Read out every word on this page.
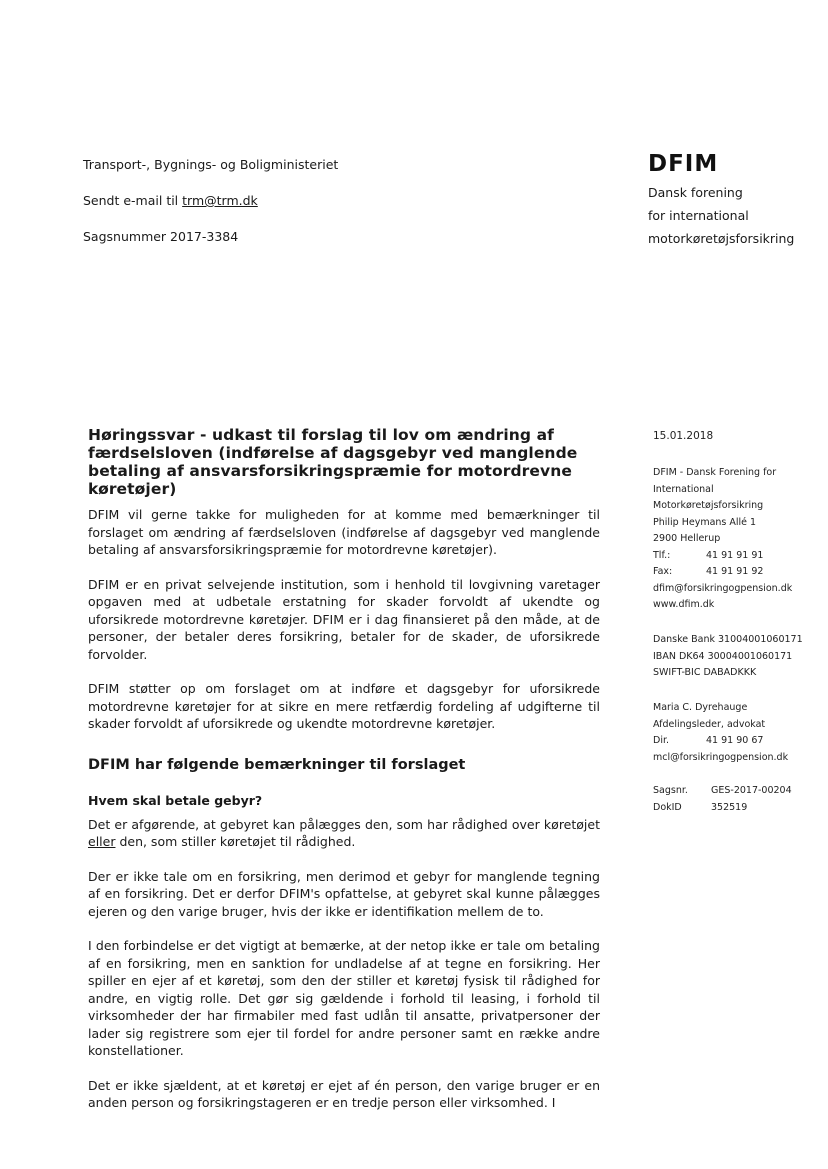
Transport-, Bygnings- og Boligministeriet
Sendt e-mail til trm@trm.dk
Sagsnummer 2017-3384
DFIM
Dansk forening
for international
motorkøretøjsforsikring
15.01.2018
DFIM - Dansk Forening for
International
Motorkøretøjsforsikring
Philip Heymans Allé 1
2900 Hellerup
Tlf.:	41 91 91 91
Fax:	41 91 91 92
dfim@forsikringogpension.dk
www.dfim.dk
Danske Bank 31004001060171
IBAN DK64 30004001060171
SWIFT-BIC DABADKKK
Maria C. Dyrehauge
Afdelingsleder, advokat
Dir.	41 91 90 67
mcl@forsikringogpension.dk
Sagsnr.	GES-2017-00204
DokID	352519
Høringssvar - udkast til forslag til lov om ændring af færdselsloven (indførelse af dagsgebyr ved manglende betaling af ansvarsforsikringspræmie for motordrevne køretøjer)

DFIM vil gerne takke for muligheden for at komme med bemærkninger til forslaget om ændring af færdselsloven (indførelse af dagsgebyr ved manglende betaling af ansvarsforsikringspræmie for motordrevne køretøjer).

DFIM er en privat selvejende institution, som i henhold til lovgivning varetager opgaven med at udbetale erstatning for skader forvoldt af ukendte og uforsikrede motordrevne køretøjer. DFIM er i dag finansieret på den måde, at de personer, der betaler deres forsikring, betaler for de skader, de uforsikrede forvolder.

DFIM støtter op om forslaget om at indføre et dagsgebyr for uforsikrede motordrevne køretøjer for at sikre en mere retfærdig fordeling af udgifterne til skader forvoldt af uforsikrede og ukendte motordrevne køretøjer.

DFIM har følgende bemærkninger til forslaget
Hvem skal betale gebyr?

Det er afgørende, at gebyret kan pålægges den, som har rådighed over køretøjet eller den, som stiller køretøjet til rådighed.

Der er ikke tale om en forsikring, men derimod et gebyr for manglende tegning af en forsikring. Det er derfor DFIM's opfattelse, at gebyret skal kunne pålægges ejeren og den varige bruger, hvis der ikke er identifikation mellem de to.

I den forbindelse er det vigtigt at bemærke, at der netop ikke er tale om betaling af en forsikring, men en sanktion for undladelse af at tegne en forsikring. Her spiller en ejer af et køretøj, som den der stiller et køretøj fysisk til rådighed for andre, en vigtig rolle. Det gør sig gældende i forhold til leasing, i forhold til virksomheder der har firmabiler med fast udlån til ansatte, privatpersoner der lader sig registrere som ejer til fordel for andre personer samt en række andre konstellationer.

Det er ikke sjældent, at et køretøj er ejet af én person, den varige bruger er en anden person og forsikringstageren er en tredje person eller virksomhed. I
